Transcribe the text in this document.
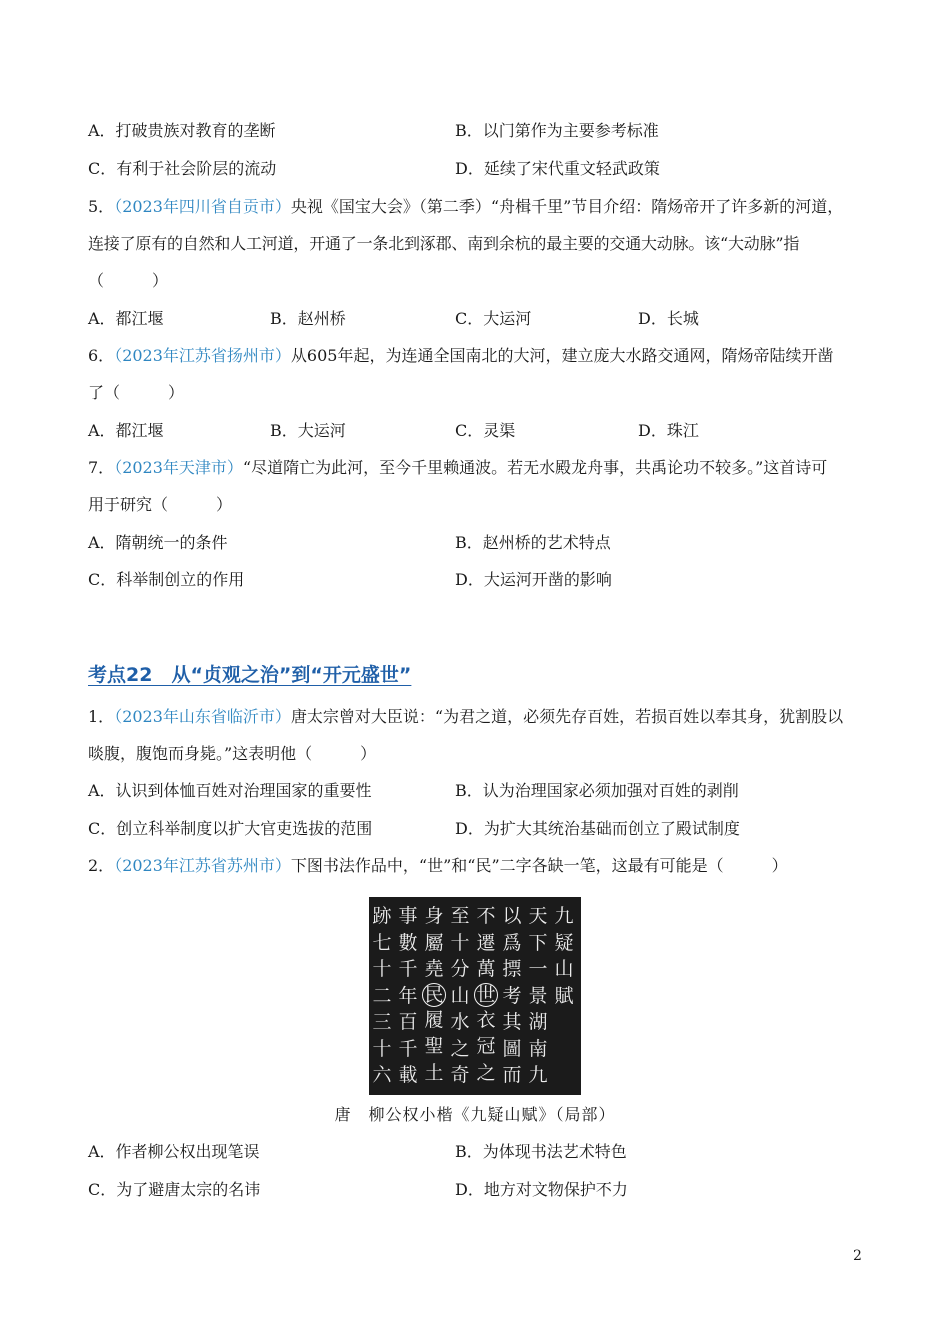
A．打破贵族对教育的垄断	B．以门第作为主要参考标准
C．有利于社会阶层的流动	D．延续了宋代重文轻武政策
5．（2023年四川省自贡市）央视《国宝大会》（第二季）“舟楫千里”节目介绍：隋炀帝开了许多新的河道，
连接了原有的自然和人工河道，开通了一条北到涿郡、南到余杭的最主要的交通大动脉。该“大动脉”指
（　　　）
A．都江堰	B．赵州桥	C．大运河	D．长城
6．（2023年江苏省扬州市）从605年起，为连通全国南北的大河，建立庞大水路交通网，隋炀帝陆续开凿
了（　　　）
A．都江堰	B．大运河	C．灵渠	D．珠江
7．（2023年天津市）“尽道隋亡为此河，至今千里赖通波。若无水殿龙舟事，共禹论功不较多。”这首诗可
用于研究（　　　）
A．隋朝统一的条件	B．赵州桥的艺术特点
C．科举制创立的作用	D．大运河开凿的影响
考点22　从“贞观之治”到“开元盛世”
1．（2023年山东省临沂市）唐太宗曾对大臣说：“为君之道，必须先存百姓，若损百姓以奉其身，犹割股以
啖腹，腹饱而身毙。”这表明他（　　　）
A．认识到体恤百姓对治理国家的重要性	B．认为治理国家必须加强对百姓的剥削
C．创立科举制度以扩大官吏选拔的范围	D．为扩大其统治基础而创立了殿试制度
2．（2023年江苏省苏州市）下图书法作品中，“世”和“民”二字各缺一笔，这最有可能是（　　　）
九
疑
山
賦
天
下
一
景
湖
南
九
以
爲
摽
考
其
圖
而
不
遷
萬
世
衣
冠
之
至
十
分
山
水
之
奇
身
屬
堯
民
履
聖
土
事
數
千
年
百
千
載
跡
七
十
二
三
十
六
唐　柳公权小楷《九疑山赋》（局部）
A．作者柳公权出现笔误	B．为体现书法艺术特色
C．为了避唐太宗的名讳	D．地方对文物保护不力
2
